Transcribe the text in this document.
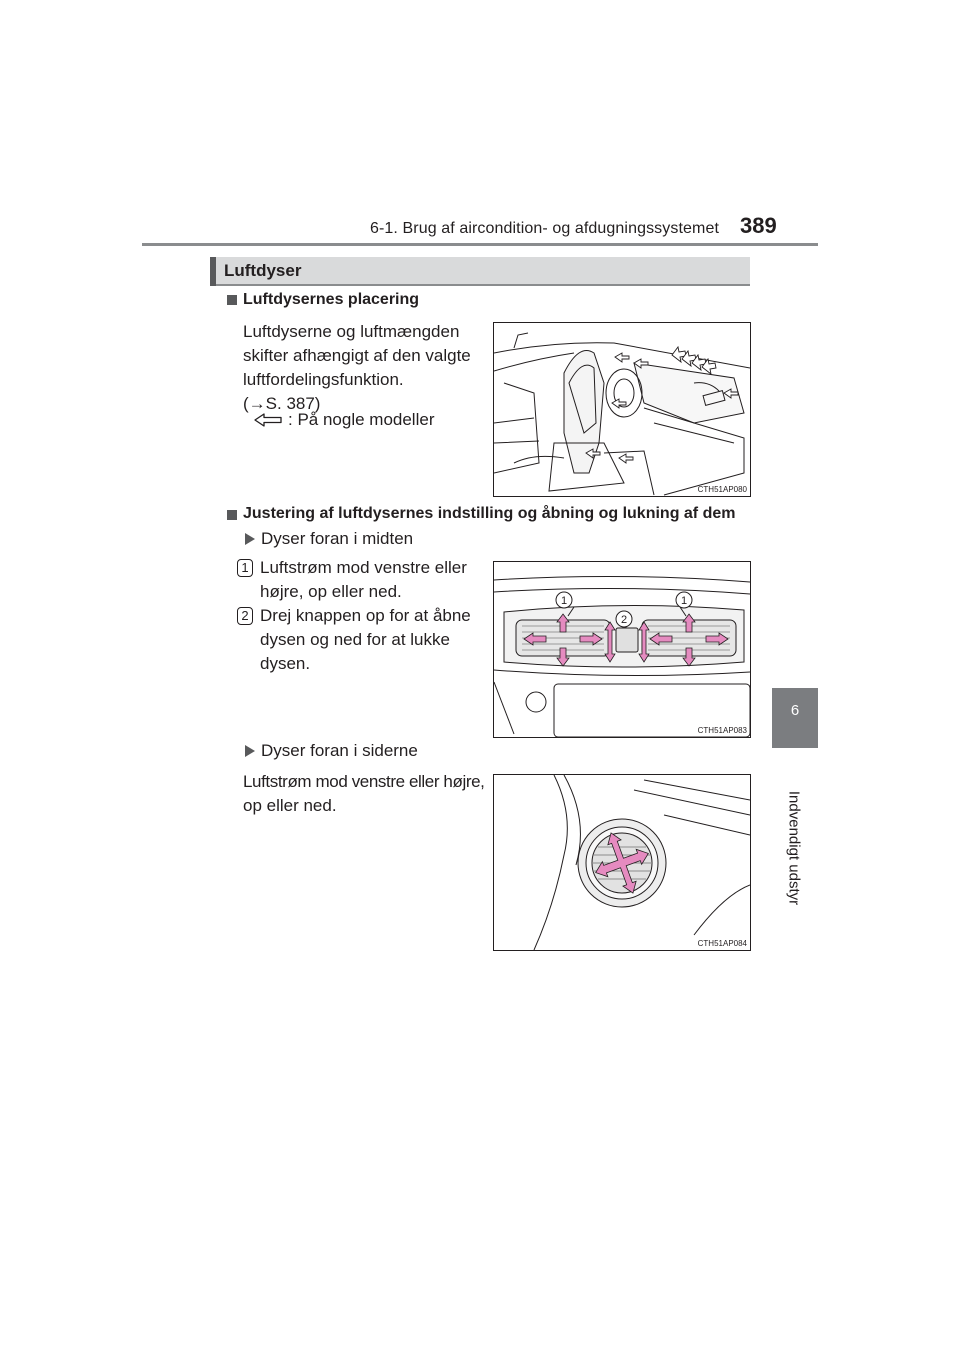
6-1. Brug af aircondition- og afdugningssystemet 389
6
Indvendigt udstyr
Luftdyser
Luftdysernes placering
Luftdyserne og luftmængden
skifter afhængigt af den valgte
luftfordelingsfunktion.
(→S. 387)
: På nogle modeller
CTH51AP080
Justering af luftdysernes indstilling og åbning og lukning af dem
Dyser foran i midten
1 Luftstrøm mod venstre eller
højre, op eller ned.
2 Drej knappen op for at åbne
dysen og ned for at lukke
dysen.
1
2
1
CTH51AP083
Dyser foran i siderne
Luftstrøm mod venstre eller højre,
op eller ned.
CTH51AP084
